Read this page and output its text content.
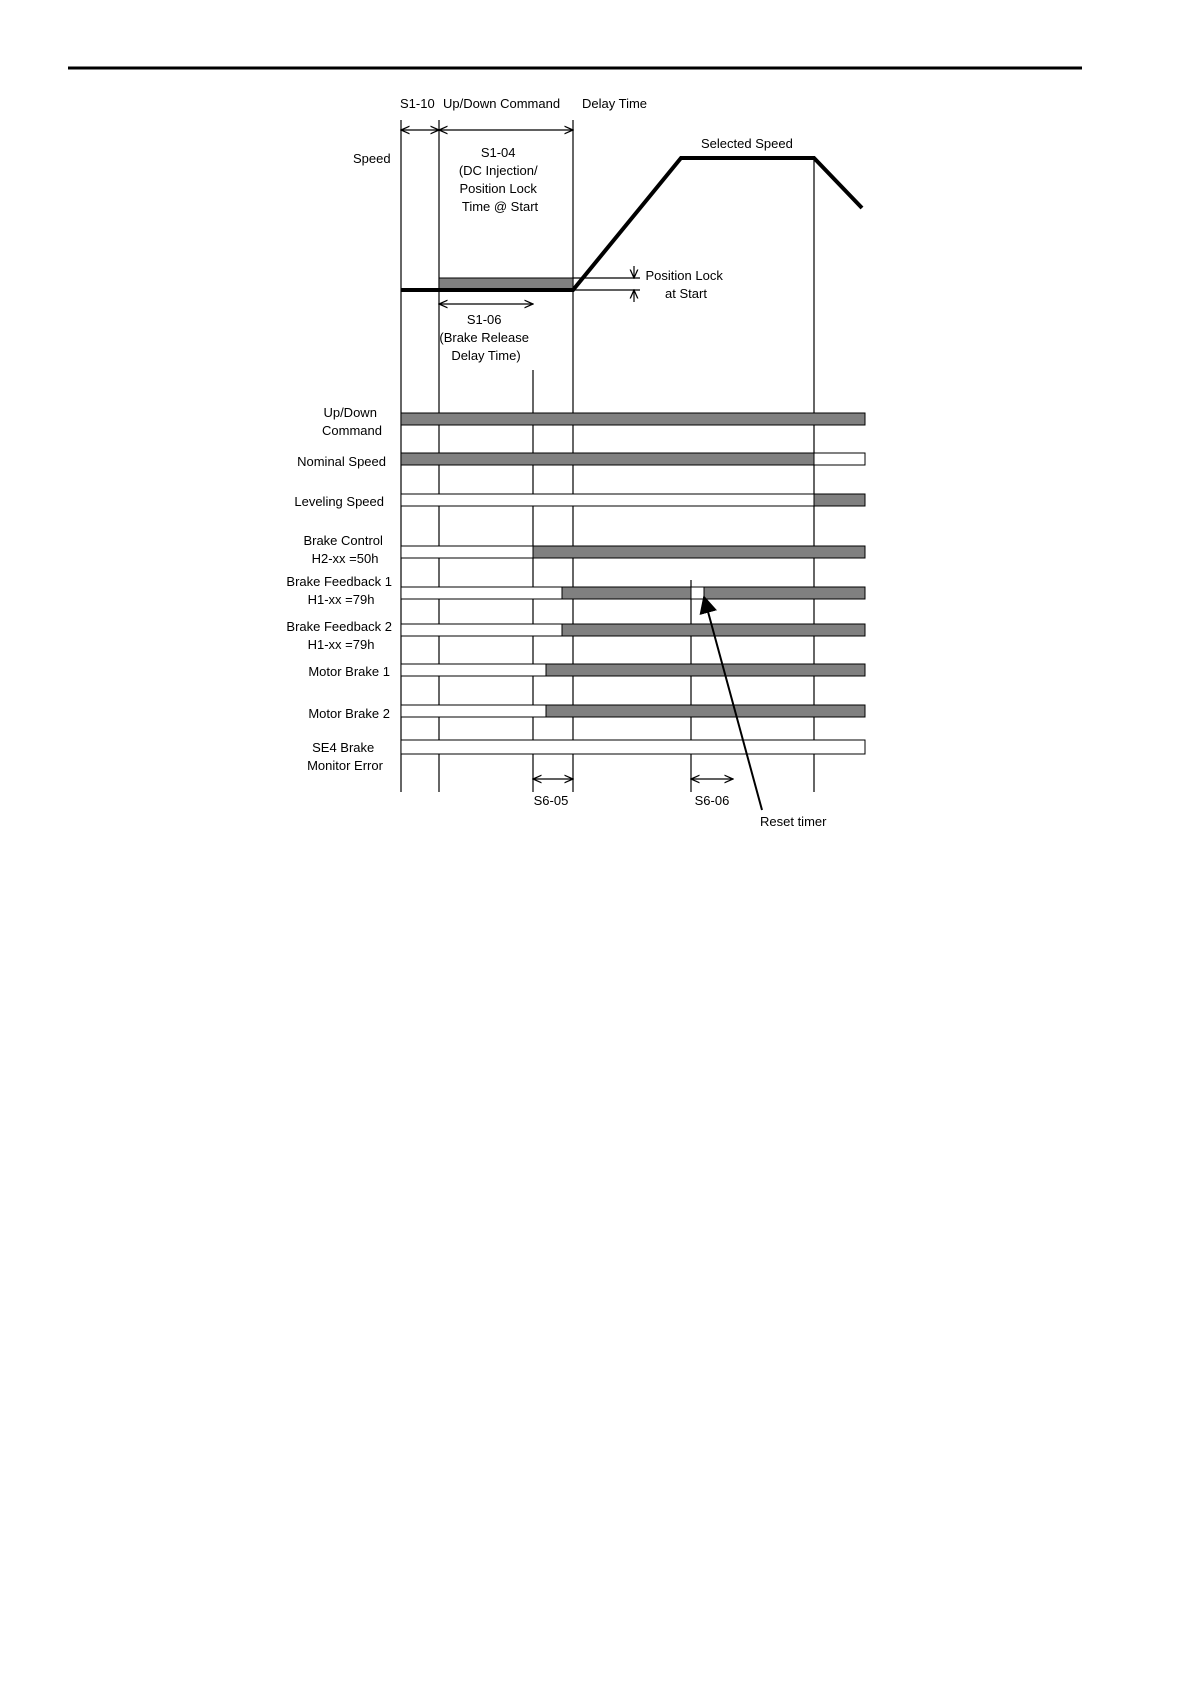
S1-10 Up/Down Command Delay Time
Speed
Selected Speed
S1-04 (DC Injection/ Position Lock Time @ Start
Position Lock at Start
S1-06 (Brake Release Delay Time)
Up/Down Command
Nominal Speed
Leveling Speed
Brake Control H2-xx =50h
Brake Feedback 1 H1-xx =79h
Brake Feedback 2 H1-xx =79h
Motor Brake 1
Motor Brake 2
SE4 Brake Monitor Error
S6-05	S6-06
Reset timer
